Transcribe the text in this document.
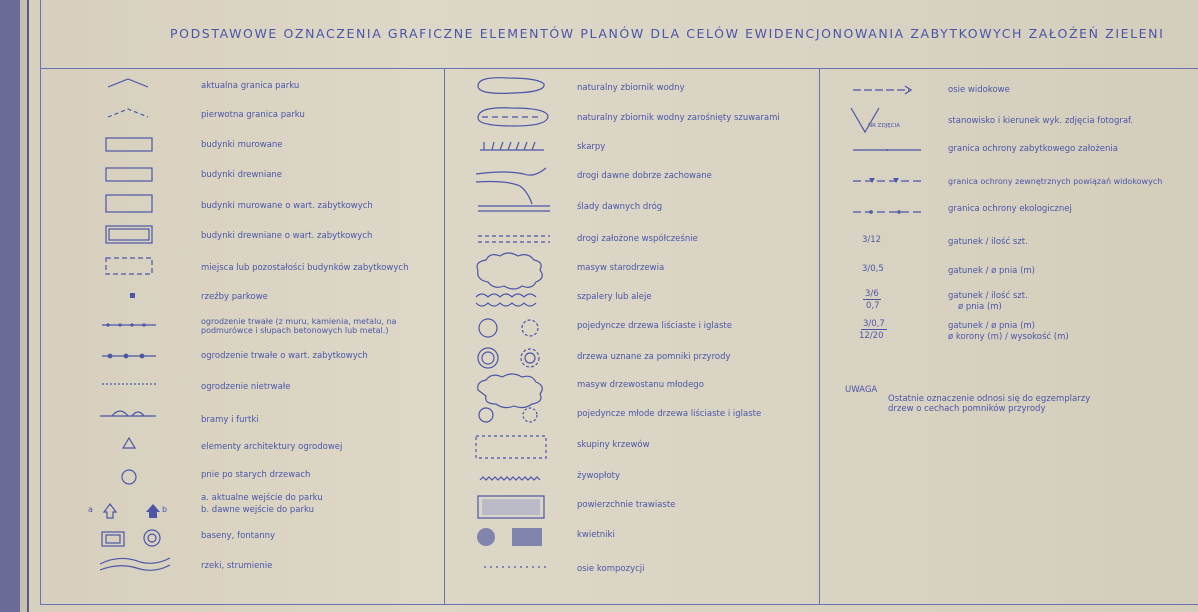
PODSTAWOWE OZNACZENIA GRAFICZNE ELEMENTÓW PLANÓW DLA CELÓW EWIDENCJONOWANIA ZABYTKOWYCH ZAŁOŻEŃ ZIELENI
a	b
aktualna granica parku
pierwotna granica parku
budynki murowane
budynki drewniane
budynki murowane o wart. zabytkowych
budynki drewniane o wart. zabytkowych
miejsca lub pozostałości budynków zabytkowych
rzeźby parkowe
ogrodzenie trwałe (z muru, kamienia, metalu, na
podmurówce i słupach betonowych lub metal.)
ogrodzenie trwałe o wart. zabytkowych
ogrodzenie nietrwałe
bramy i furtki
elementy architektury ogrodowej
pnie po starych drzewach
a. aktualne wejście do parku
b. dawne wejście do parku
baseny, fontanny
rzeki, strumienie
naturalny zbiornik wodny
naturalny zbiornik wodny zarośnięty szuwarami
skarpy
drogi dawne dobrze zachowane
ślady dawnych dróg
drogi założone współcześnie
masyw starodrzewia
szpalery lub aleje
pojedyncze drzewa liściaste i iglaste
drzewa uznane za pomniki przyrody
masyw drzewostanu młodego
pojedyncze młode drzewa liściaste i iglaste
skupiny krzewów
żywopłoty
powierzchnie trawiaste
kwietniki
osie kompozycji
NR ZDJĘCIA
3/12
3/0,5
3/6
0,7
3/0,7
12/20
osie widokowe
stanowisko i kierunek wyk. zdjęcia fotograf.
granica ochrony zabytkowego założenia
granica ochrony zewnętrznych powiązań widokowych
granica ochrony ekologicznej
gatunek / ilość szt.
gatunek / ø pnia (m)
gatunek / ilość szt.
ø pnia (m)
gatunek / ø pnia (m)
ø korony (m) / wysokość (m)
UWAGA
Ostatnie oznaczenie odnosi się do egzemplarzy
drzew o cechach pomników przyrody
